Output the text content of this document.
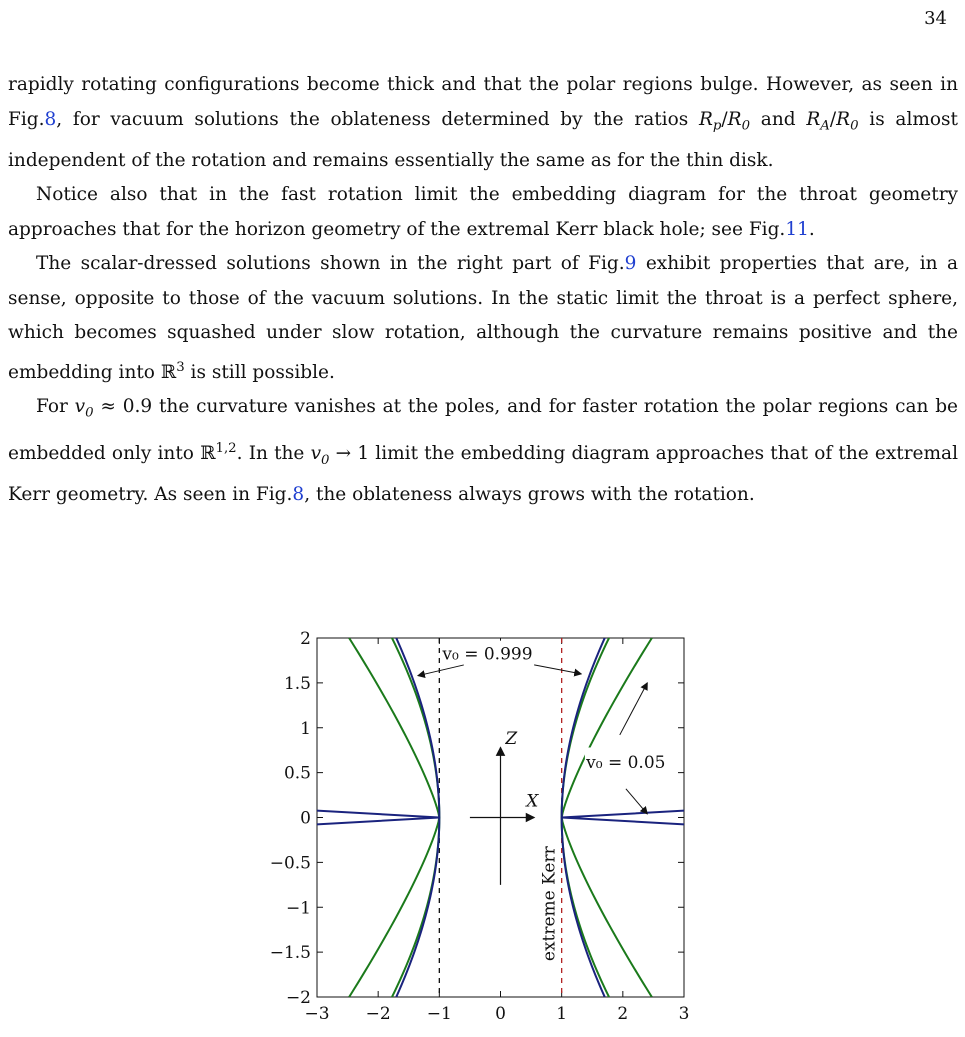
34

rapidly rotating configurations become thick and that the polar regions bulge. However, as seen in Fig.8, for vacuum solutions the oblateness determined by the ratios $R_p/R_0$ and $R_A/R_0$ is almost independent of the rotation and remains essentially the same as for the thin disk.

Notice also that in the fast rotation limit the embedding diagram for the throat geometry approaches that for the horizon geometry of the extremal Kerr black hole; see Fig.11.

The scalar-dressed solutions shown in the right part of Fig.9 exhibit properties that are, in a sense, opposite to those of the vacuum solutions. In the static limit the throat is a perfect sphere, which becomes squashed under slow rotation, although the curvature remains positive and the embedding into ℝ$^3$ is still possible.

For $v_0 \approx 0.9$ the curvature vanishes at the poles, and for faster rotation the polar regions can be embedded only into ℝ$^{1,2}$. In the $v_0 \to 1$ limit the embedding diagram approaches that of the extremal Kerr geometry. As seen in Fig.8, the oblateness always grows with the rotation.

−3 −2 −1	0	1	2	3
2
1.5
1
0.5
0
−0.5
−1
−1.5
−2
Z
X
v₀ = 0.999
v₀ = 0.05
extreme Kerr
